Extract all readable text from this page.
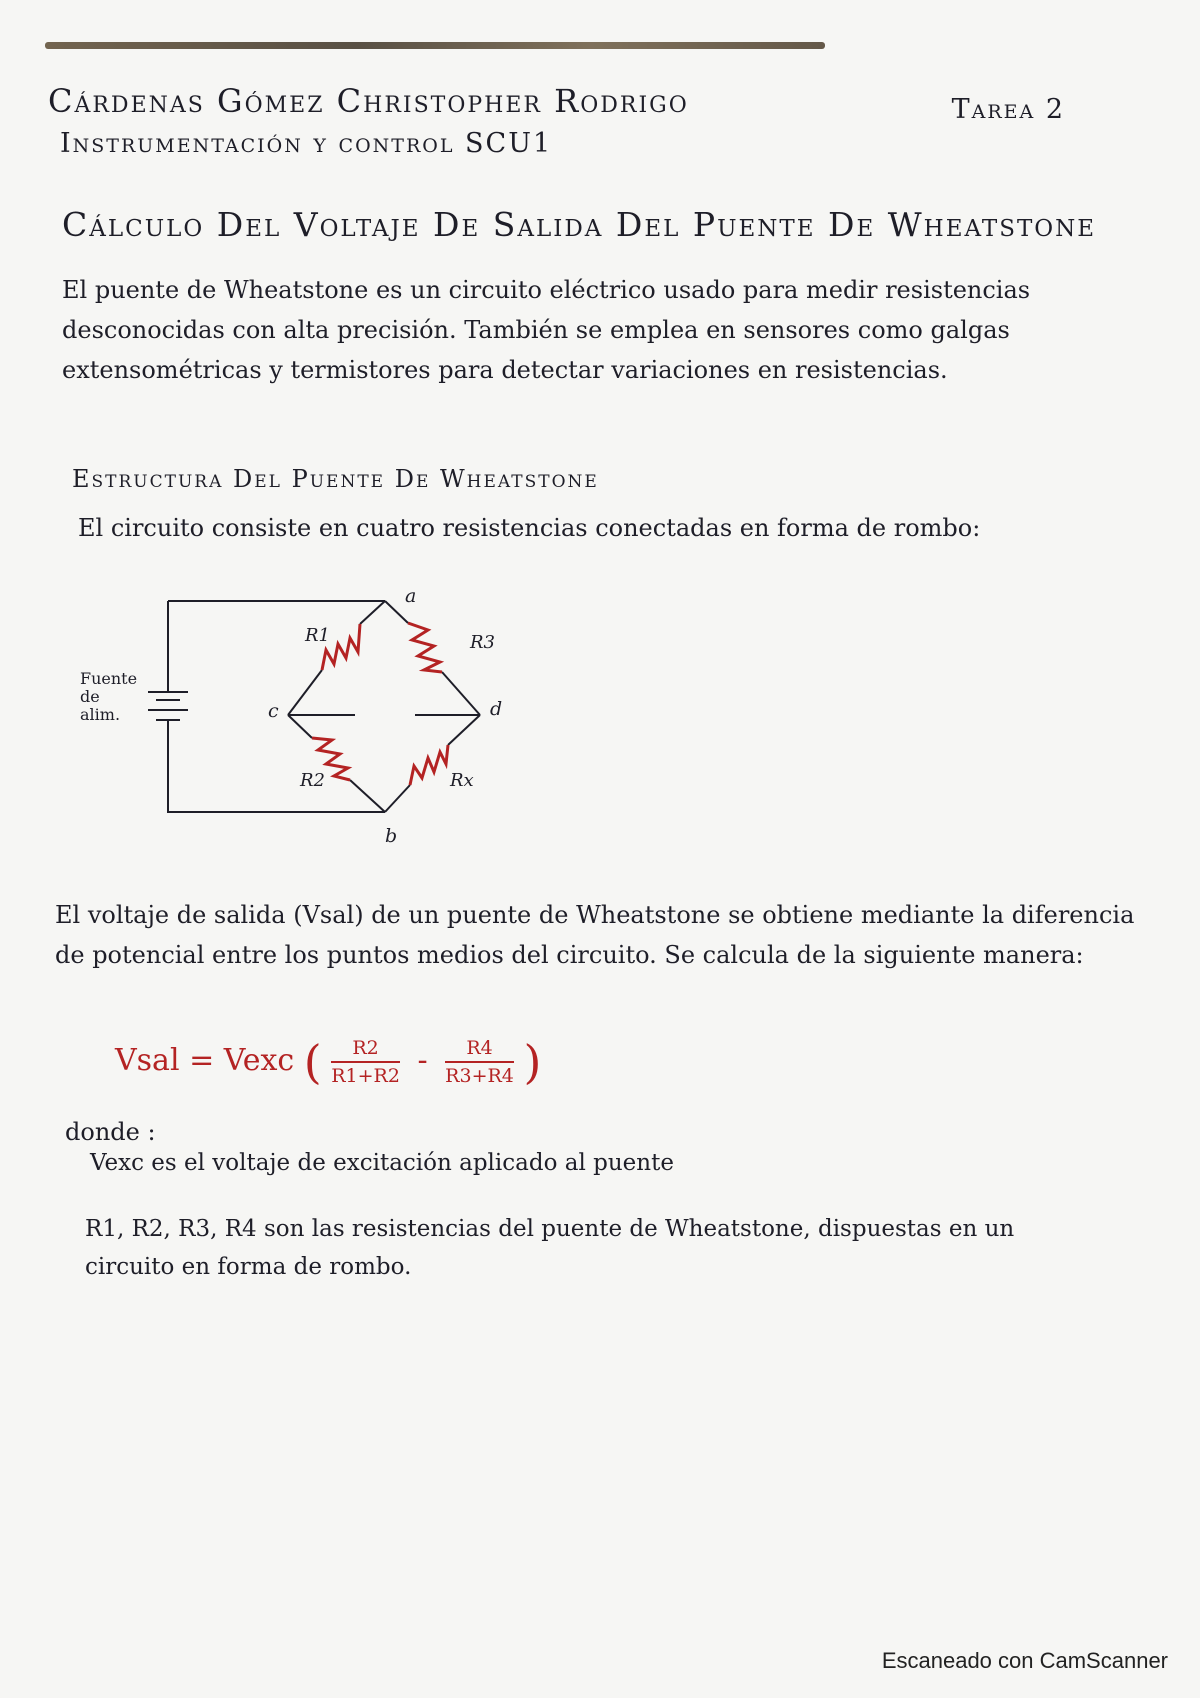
Cárdenas Gómez Christopher Rodrigo
Instrumentación y control SCU1
Tarea 2
Cálculo Del Voltaje De Salida Del Puente De Wheatstone
El puente de Wheatstone es un circuito eléctrico usado para medir resistencias desconocidas con alta precisión. También se emplea en sensores como galgas extensométricas y termistores para detectar variaciones en resistencias.
Estructura Del Puente De Wheatstone
El circuito consiste en cuatro resistencias conectadas en forma de rombo:
Fuente de alim.
a
b
c	d
R1	R3
R2	Rx
El voltaje de salida (Vsal) de un puente de Wheatstone se obtiene mediante la diferencia de potencial entre los puntos medios del circuito. Se calcula de la siguiente manera:
Vsal = Vexc ( $\frac{R2}{R1+R2} - \frac{R4}{R3+R4}$ )
donde :
Vexc es el voltaje de excitación aplicado al puente
R1, R2, R3, R4 son las resistencias del puente de Wheatstone, dispuestas en un circuito en forma de rombo.
Escaneado con CamScanner
